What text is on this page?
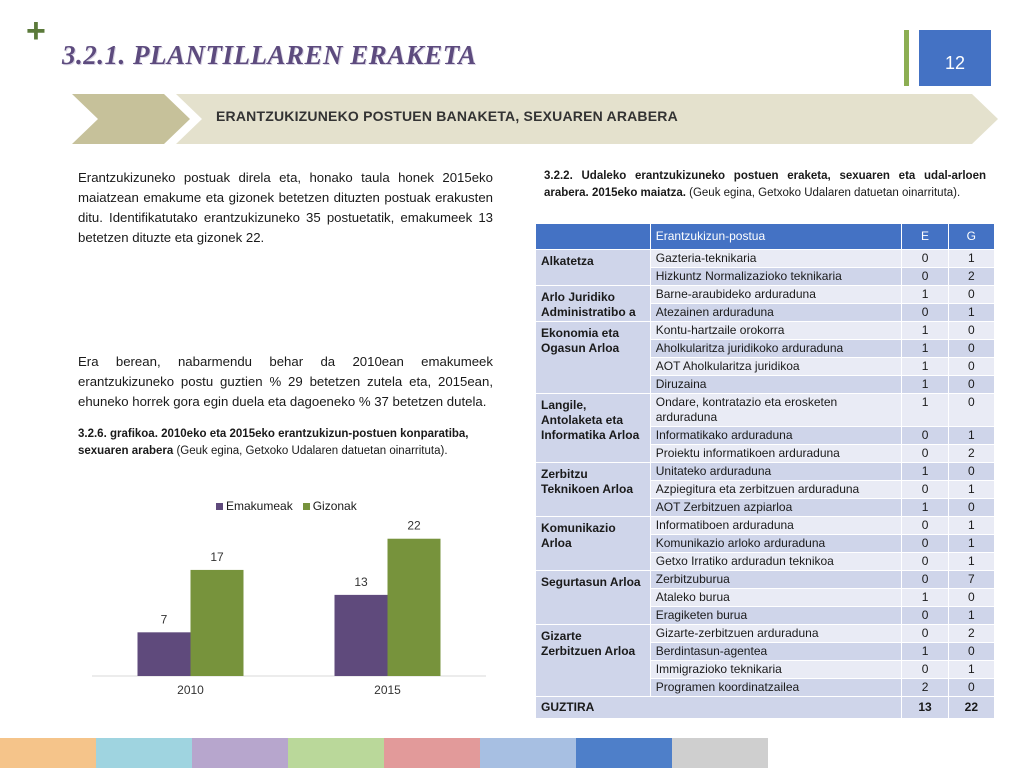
+
3.2.1. PLANTILLAREN ERAKETA	12
ERANTZUKIZUNEKO POSTUEN BANAKETA, SEXUAREN ARABERA
Erantzukizuneko postuak direla eta, honako taula honek 2015eko maiatzean emakume eta gizonek betetzen dituzten postuak erakusten ditu. Identifikatutako erantzukizuneko 35 postuetatik, emakumeek 13 betetzen dituzte eta gizonek 22.
Era berean, nabarmendu behar da 2010ean emakumeek erantzukizuneko postu guztien % 29 betetzen zutela eta, 2015ean, ehuneko horrek gora egin duela eta dagoeneko % 37 betetzen dutela.
3.2.6. grafikoa. 2010eko eta 2015eko erantzukizun-postuen konparatiba, sexuaren arabera (Geuk egina, Getxoko Udalaren datuetan oinarrituta).
Emakumeak	Gizonak
7
17
2010
13
22
2015
3.2.2. Udaleko erantzukizuneko postuen eraketa, sexuaren eta udal-arloen arabera. 2015eko maiatza. (Geuk egina, Getxoko Udalaren datuetan oinarrituta).
	Erantzukizun-postua	E	G
Alkatetza	Gazteria-teknikaria	0	1
	Hizkuntz Normalizazioko teknikaria	0	2
Arlo Juridiko Administratibo a	Barne-araubideko arduraduna	1	0
	Atezainen arduraduna	0	1
Ekonomia eta Ogasun Arloa	Kontu-hartzaile orokorra	1	0
	Aholkularitza juridikoko arduraduna	1	0
	AOT Aholkularitza juridikoa	1	0
	Diruzaina	1	0
Langile, Antolaketa eta Informatika Arloa	Ondare, kontratazio eta erosketen arduraduna	1	0
	Informatikako arduraduna	0	1
	Proiektu informatikoen arduraduna	0	2
Zerbitzu Teknikoen Arloa	Unitateko arduraduna	1	0
	Azpiegitura eta zerbitzuen arduraduna	0	1
	AOT Zerbitzuen azpiarloa	1	0
Komunikazio Arloa	Informatiboen arduraduna	0	1
	Komunikazio arloko arduraduna	0	1
	Getxo Irratiko arduradun teknikoa	0	1
Segurtasun Arloa	Zerbitzuburua	0	7
	Ataleko burua	1	0
	Eragiketen burua	0	1
Gizarte Zerbitzuen Arloa	Gizarte-zerbitzuen arduraduna	0	2
	Berdintasun-agentea	1	0
	Immigrazioko teknikaria	0	1
	Programen koordinatzailea	2	0
GUZTIRA		13	22
